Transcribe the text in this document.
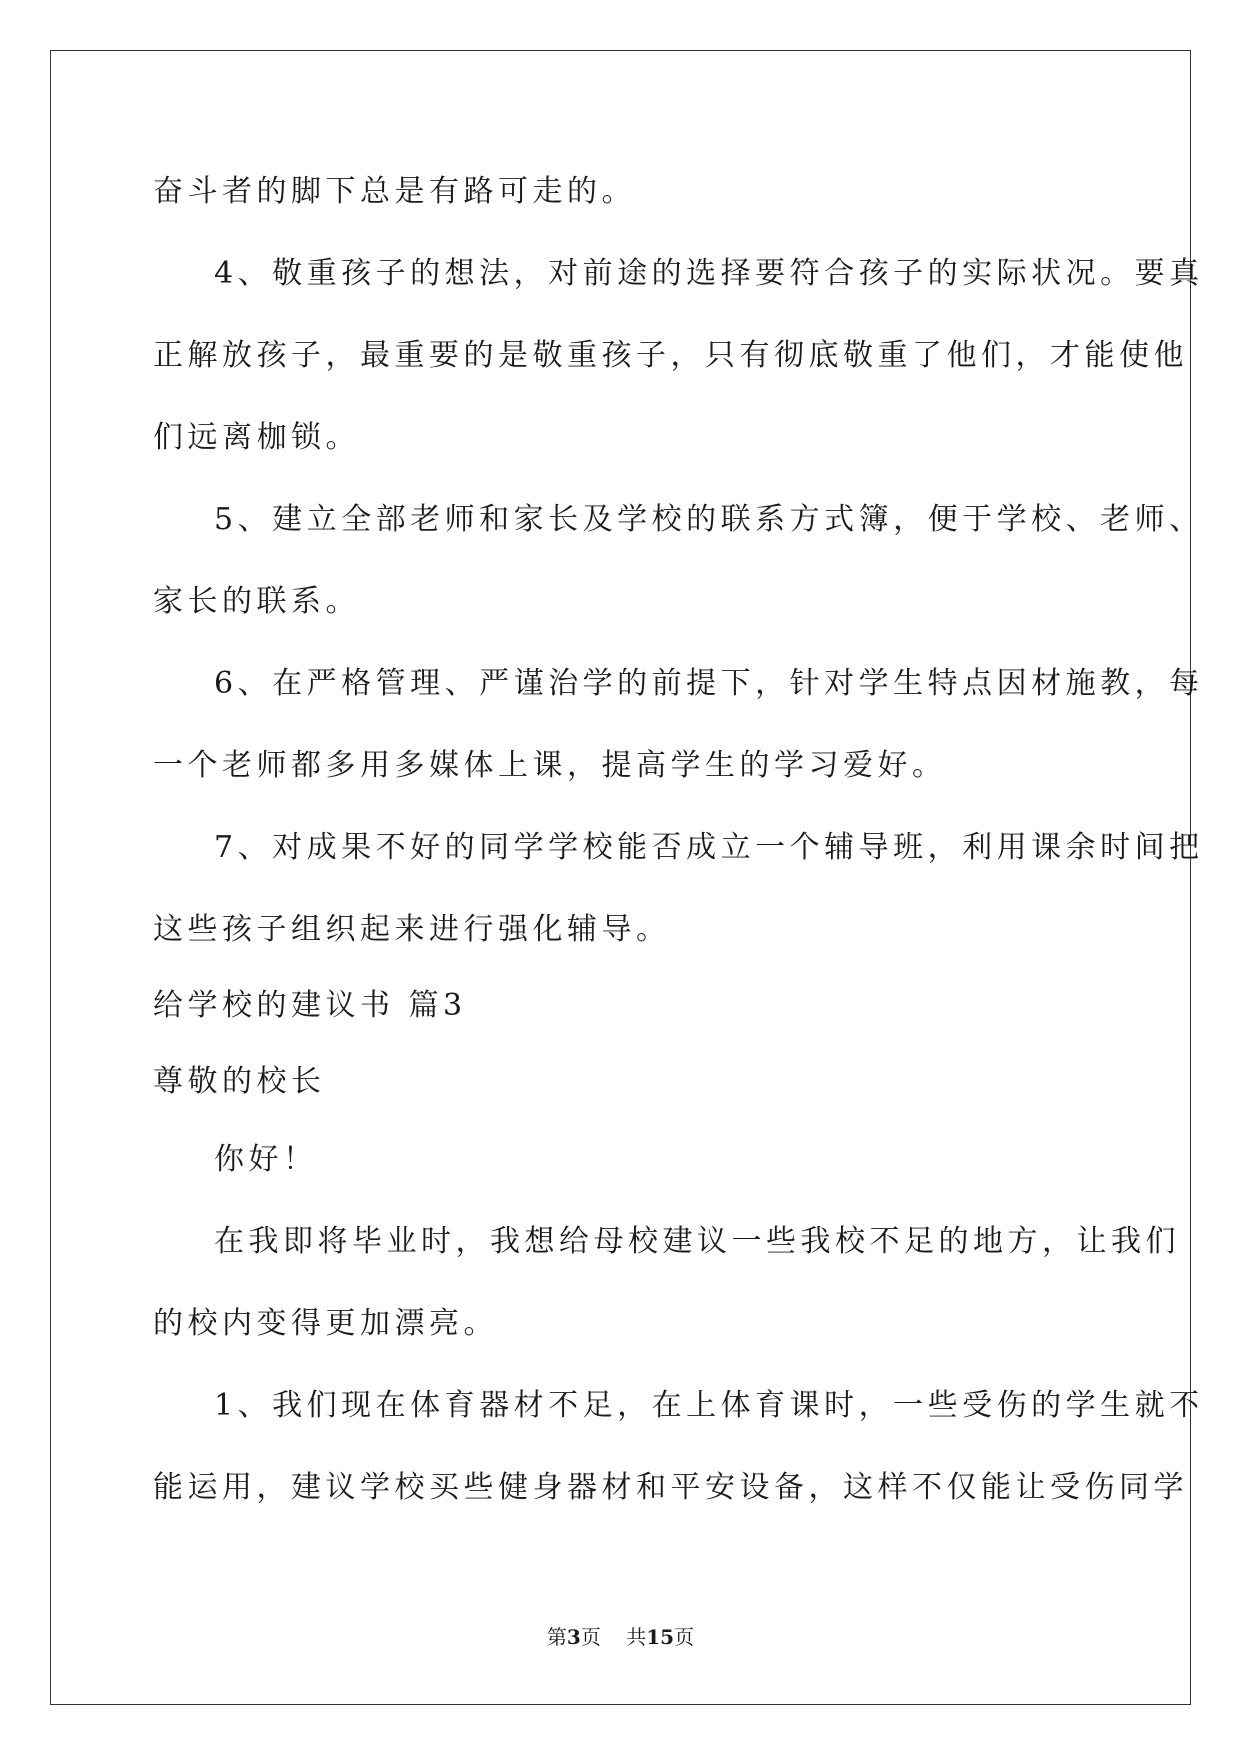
奋斗者的脚下总是有路可走的。
4、敬重孩子的想法，对前途的选择要符合孩子的实际状况。要真
正解放孩子，最重要的是敬重孩子，只有彻底敬重了他们，才能使他
们远离枷锁。
5、建立全部老师和家长及学校的联系方式簿，便于学校、老师、
家长的联系。
6、在严格管理、严谨治学的前提下，针对学生特点因材施教，每
一个老师都多用多媒体上课，提高学生的学习爱好。
7、对成果不好的同学学校能否成立一个辅导班，利用课余时间把
这些孩子组织起来进行强化辅导。
给学校的建议书 篇3
尊敬的校长
你好！
在我即将毕业时，我想给母校建议一些我校不足的地方，让我们
的校内变得更加漂亮。
1、我们现在体育器材不足，在上体育课时，一些受伤的学生就不
能运用，建议学校买些健身器材和平安设备，这样不仅能让受伤同学
第3页 共15页
